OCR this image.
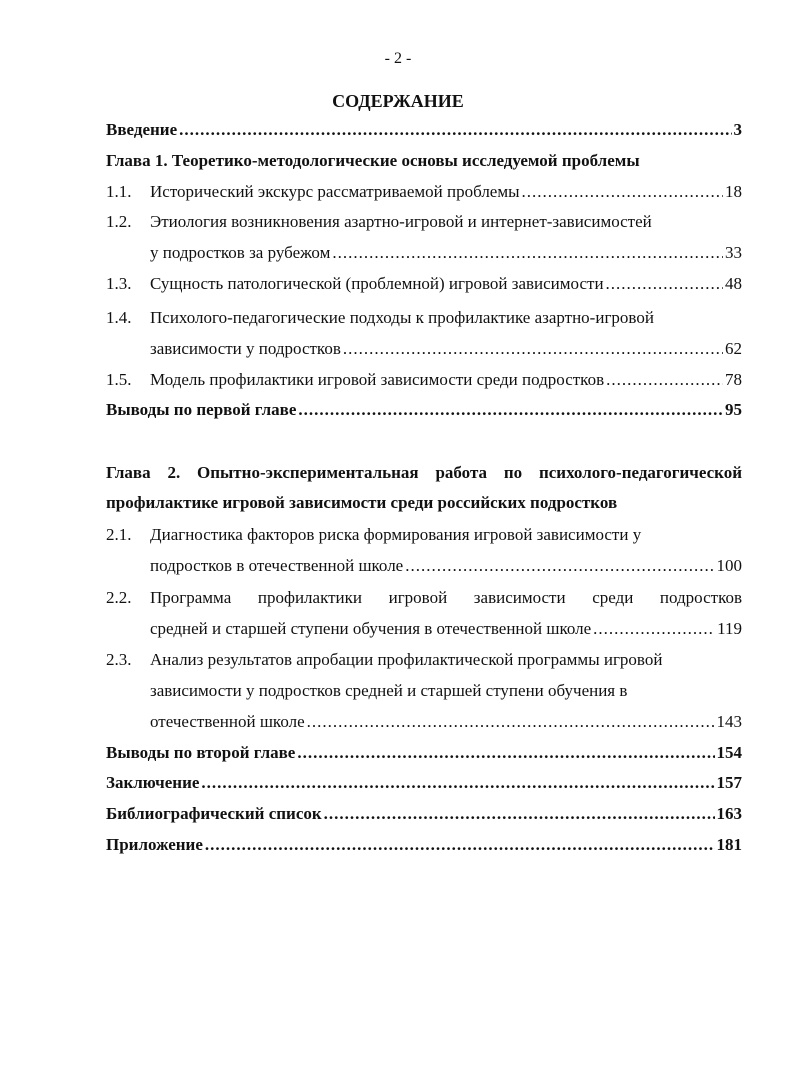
- 2 -
СОДЕРЖАНИЕ
Введение .....	3
Глава 1. Теоретико-методологические основы исследуемой проблемы
1.1. Исторический экскурс рассматриваемой проблемы .....	18
1.2. Этиология возникновения азартно-игровой и интернет-зависимостей
у подростков за рубежом .....	33
1.3. Сущность патологической (проблемной) игровой зависимости .....	48
1.4. Психолого-педагогические подходы к профилактике азартно-игровой
зависимости у подростков .....	62
1.5. Модель профилактики игровой зависимости среди подростков .....	78
Выводы по первой главе .....	95
Глава 2. Опытно-экспериментальная работа по психолого-педагогической
профилактике игровой зависимости среди российских подростков
2.1. Диагностика факторов риска формирования игровой зависимости у
подростков в отечественной школе .....	100
2.2. Программа профилактики игровой зависимости среди подростков
средней и старшей ступени обучения в отечественной школе .....	119
2.3. Анализ результатов апробации профилактической программы игровой
зависимости у подростков средней и старшей ступени обучения в
отечественной школе .....	143
Выводы по второй главе .....	154
Заключение .....	157
Библиографический список .....	163
Приложение .....	181
